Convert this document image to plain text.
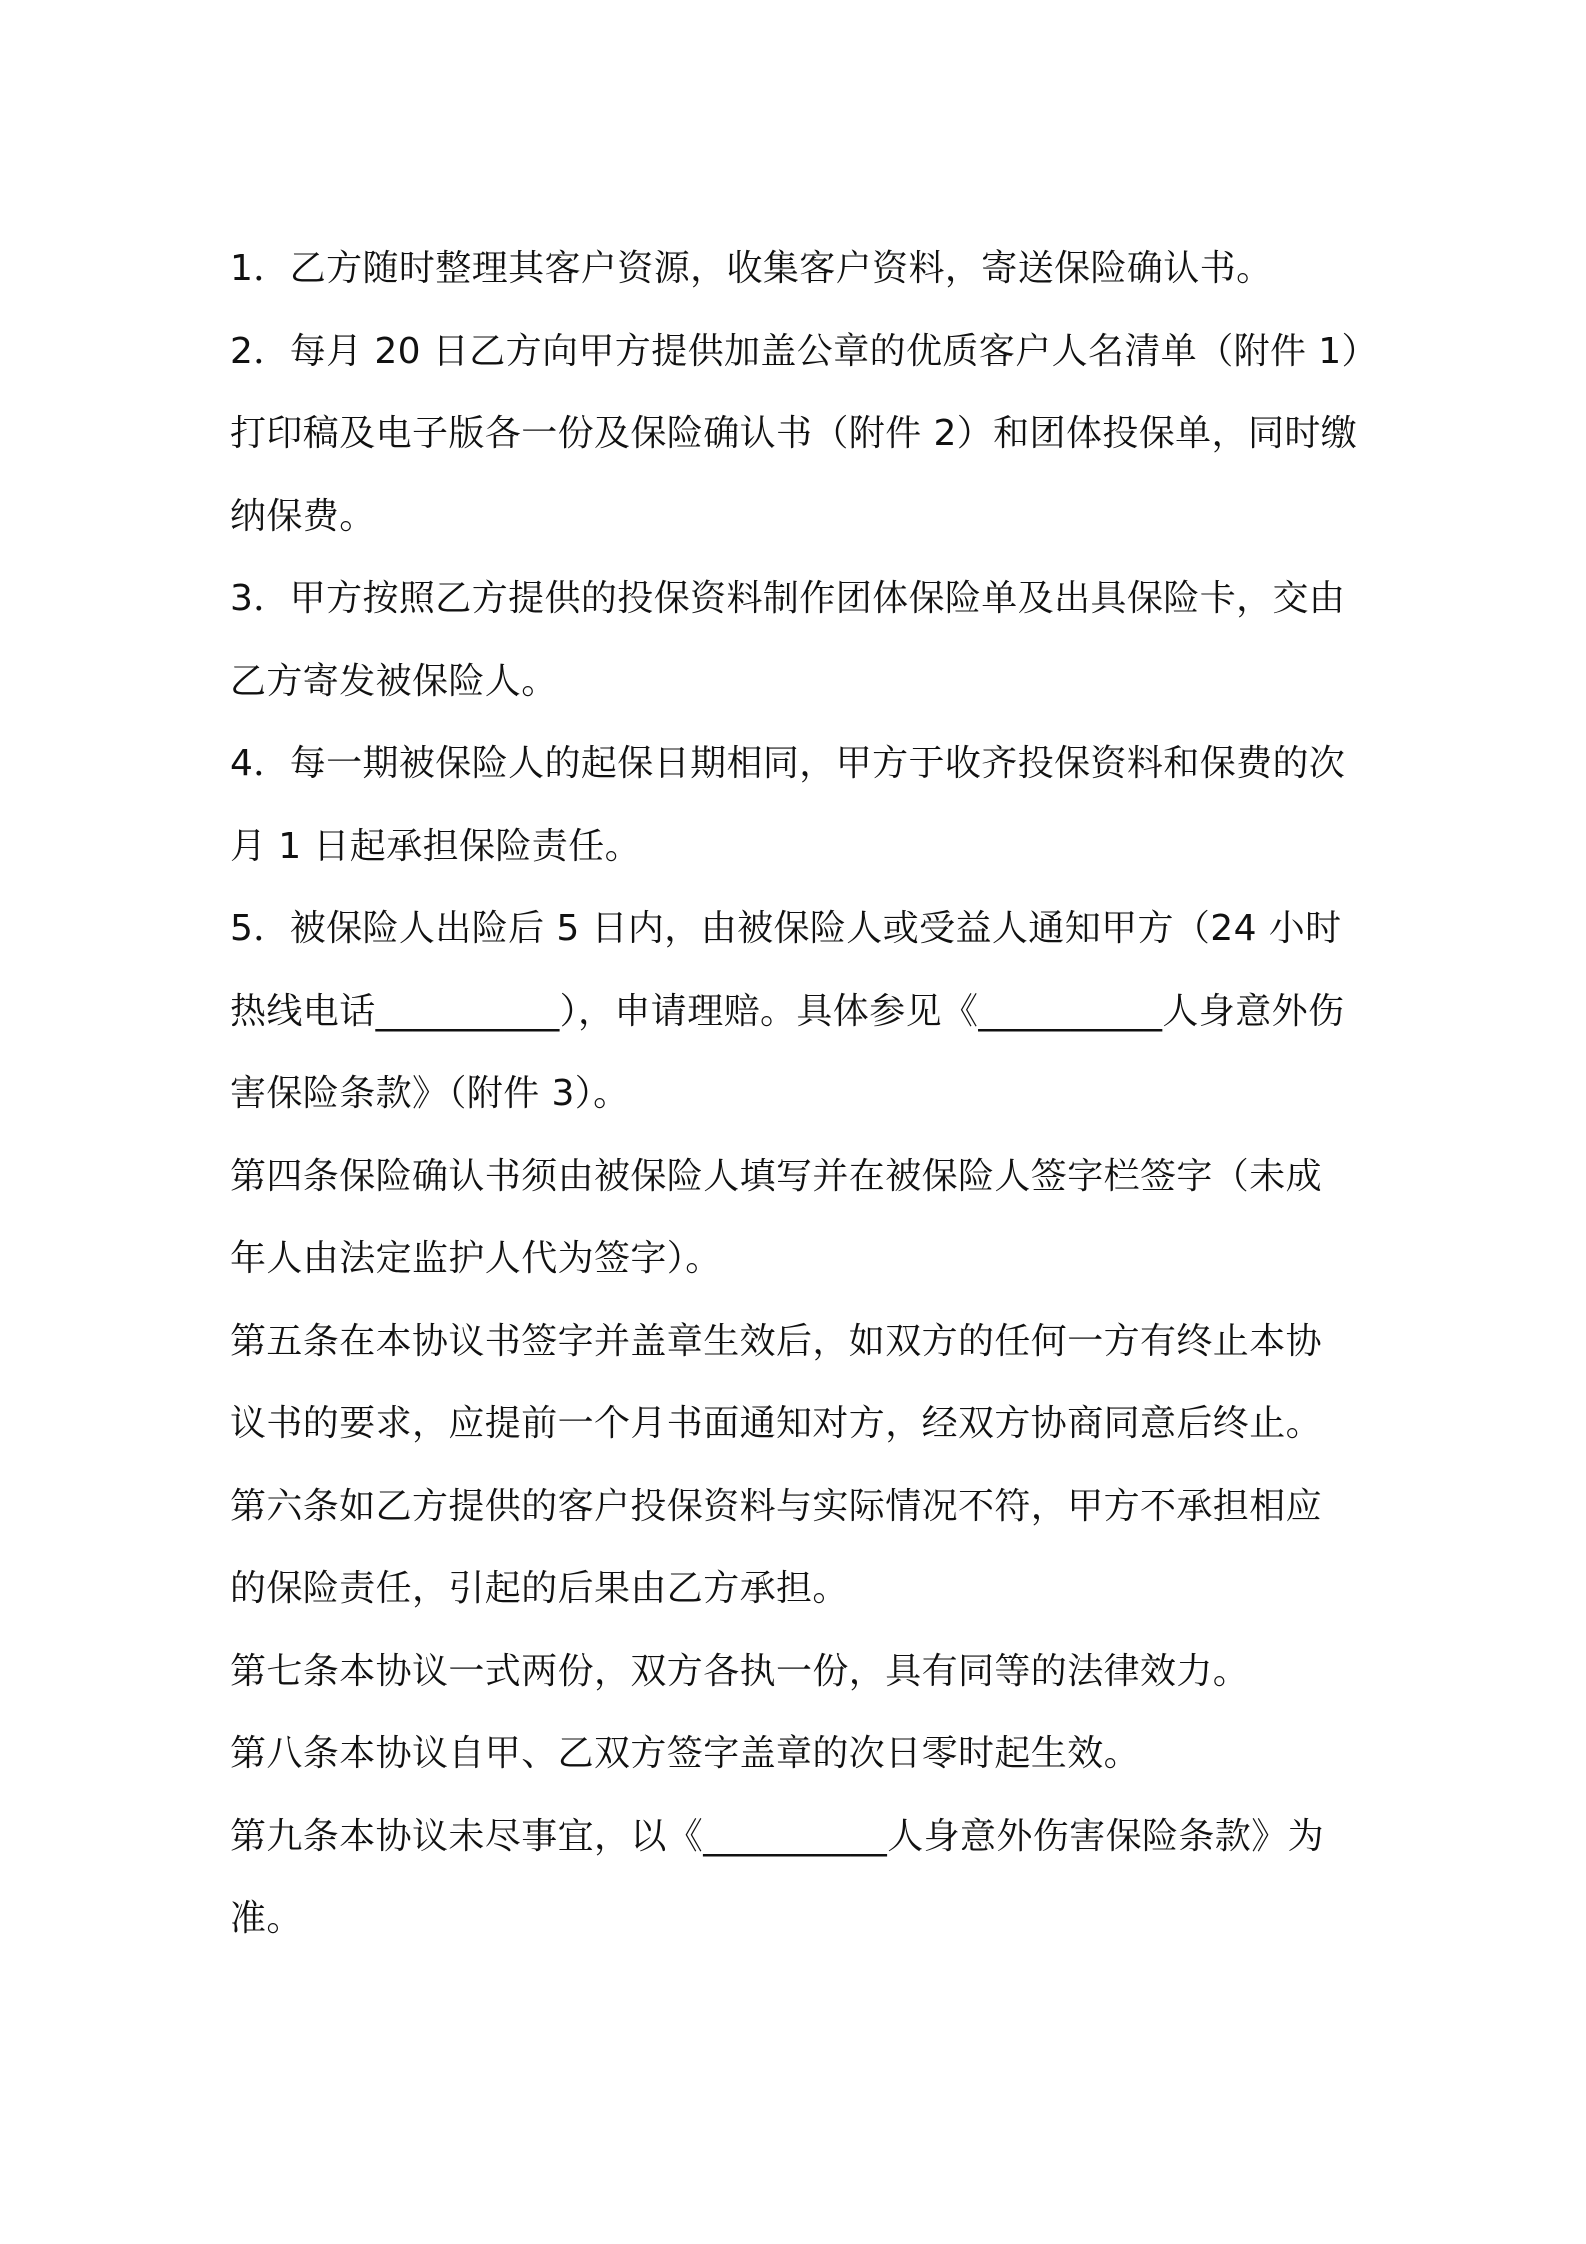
1．乙方随时整理其客户资源，收集客户资料，寄送保险确认书。
2．每月 20 日乙方向甲方提供加盖公章的优质客户人名清单（附件 1）
打印稿及电子版各一份及保险确认书（附件 2）和团体投保单，同时缴
纳保费。
3．甲方按照乙方提供的投保资料制作团体保险单及出具保险卡，交由
乙方寄发被保险人。
4．每一期被保险人的起保日期相同，甲方于收齐投保资料和保费的次
月 1 日起承担保险责任。
5．被保险人出险后 5 日内，由被保险人或受益人通知甲方（24 小时
热线电话__________），申请理赔。具体参见《__________人身意外伤
害保险条款》（附件 3）。
第四条保险确认书须由被保险人填写并在被保险人签字栏签字（未成
年人由法定监护人代为签字）。
第五条在本协议书签字并盖章生效后，如双方的任何一方有终止本协
议书的要求，应提前一个月书面通知对方，经双方协商同意后终止。
第六条如乙方提供的客户投保资料与实际情况不符，甲方不承担相应
的保险责任，引起的后果由乙方承担。
第七条本协议一式两份，双方各执一份，具有同等的法律效力。
第八条本协议自甲、乙双方签字盖章的次日零时起生效。
第九条本协议未尽事宜，以《__________人身意外伤害保险条款》为
准。
